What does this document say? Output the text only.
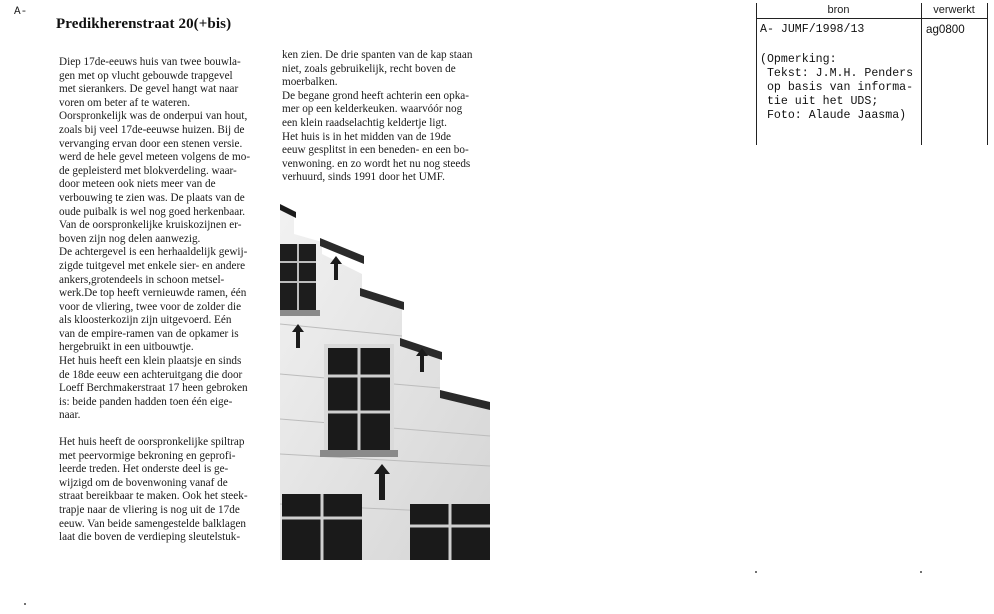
A-
Predikherenstraat 20(+bis)

Diep 17de-eeuws huis van twee bouwla-
gen met op vlucht gebouwde trapgevel
met sierankers. De gevel hangt wat naar
voren om beter af te wateren.
Oorspronkelijk was de onderpui van hout,
zoals bij veel 17de-eeuwse huizen. Bij de
vervanging ervan door een stenen versie.
werd de hele gevel meteen volgens de mo-
de gepleisterd met blokverdeling. waar-
door meteen ook niets meer van de
verbouwing te zien was. De plaats van de
oude puibalk is wel nog goed herkenbaar.
Van de oorspronkelijke kruiskozijnen er-
boven zijn nog delen aanwezig.
De achtergevel is een herhaaldelijk gewij-
zigde tuitgevel met enkele sier- en andere
ankers,grotendeels in schoon metsel-
werk.De top heeft vernieuwde ramen, één
voor de vliering, twee voor de zolder die
als kloosterkozijn zijn uitgevoerd. Eén
van de empire-ramen van de opkamer is
hergebruikt in een uitbouwtje.
Het huis heeft een klein plaatsje en sinds
de 18de eeuw een achteruitgang die door
Loeff Berchmakerstraat 17 heen gebroken
is: beide panden hadden toen één eige-
naar.

Het huis heeft de oorspronkelijke spiltrap
met peervormige bekroning en geprofi-
leerde treden. Het onderste deel is ge-
wijzigd om de bovenwoning vanaf de
straat bereikbaar te maken. Ook het steek-
trapje naar de vliering is nog uit de 17de
eeuw. Van beide samengestelde balklagen
laat die boven de verdieping sleutelstuk-

ken zien. De drie spanten van de kap staan
niet, zoals gebruikelijk, recht boven de
moerbalken.
De begane grond heeft achterin een opka-
mer op een kelderkeuken. waarvóór nog
een klein raadselachtig keldertje ligt.
Het huis is in het midden van de 19de
eeuw gesplitst in een beneden- en een bo-
venwoning. en zo wordt het nu nog steeds
verhuurd, sinds 1991 door het UMF.

bron	verwerkt
A- JUMF/1998/13	ag0800
(Opmerking:
Tekst: J.M.H. Penders
op basis van informa-
tie uit het UDS;
Foto: Alaude Jaasma)
